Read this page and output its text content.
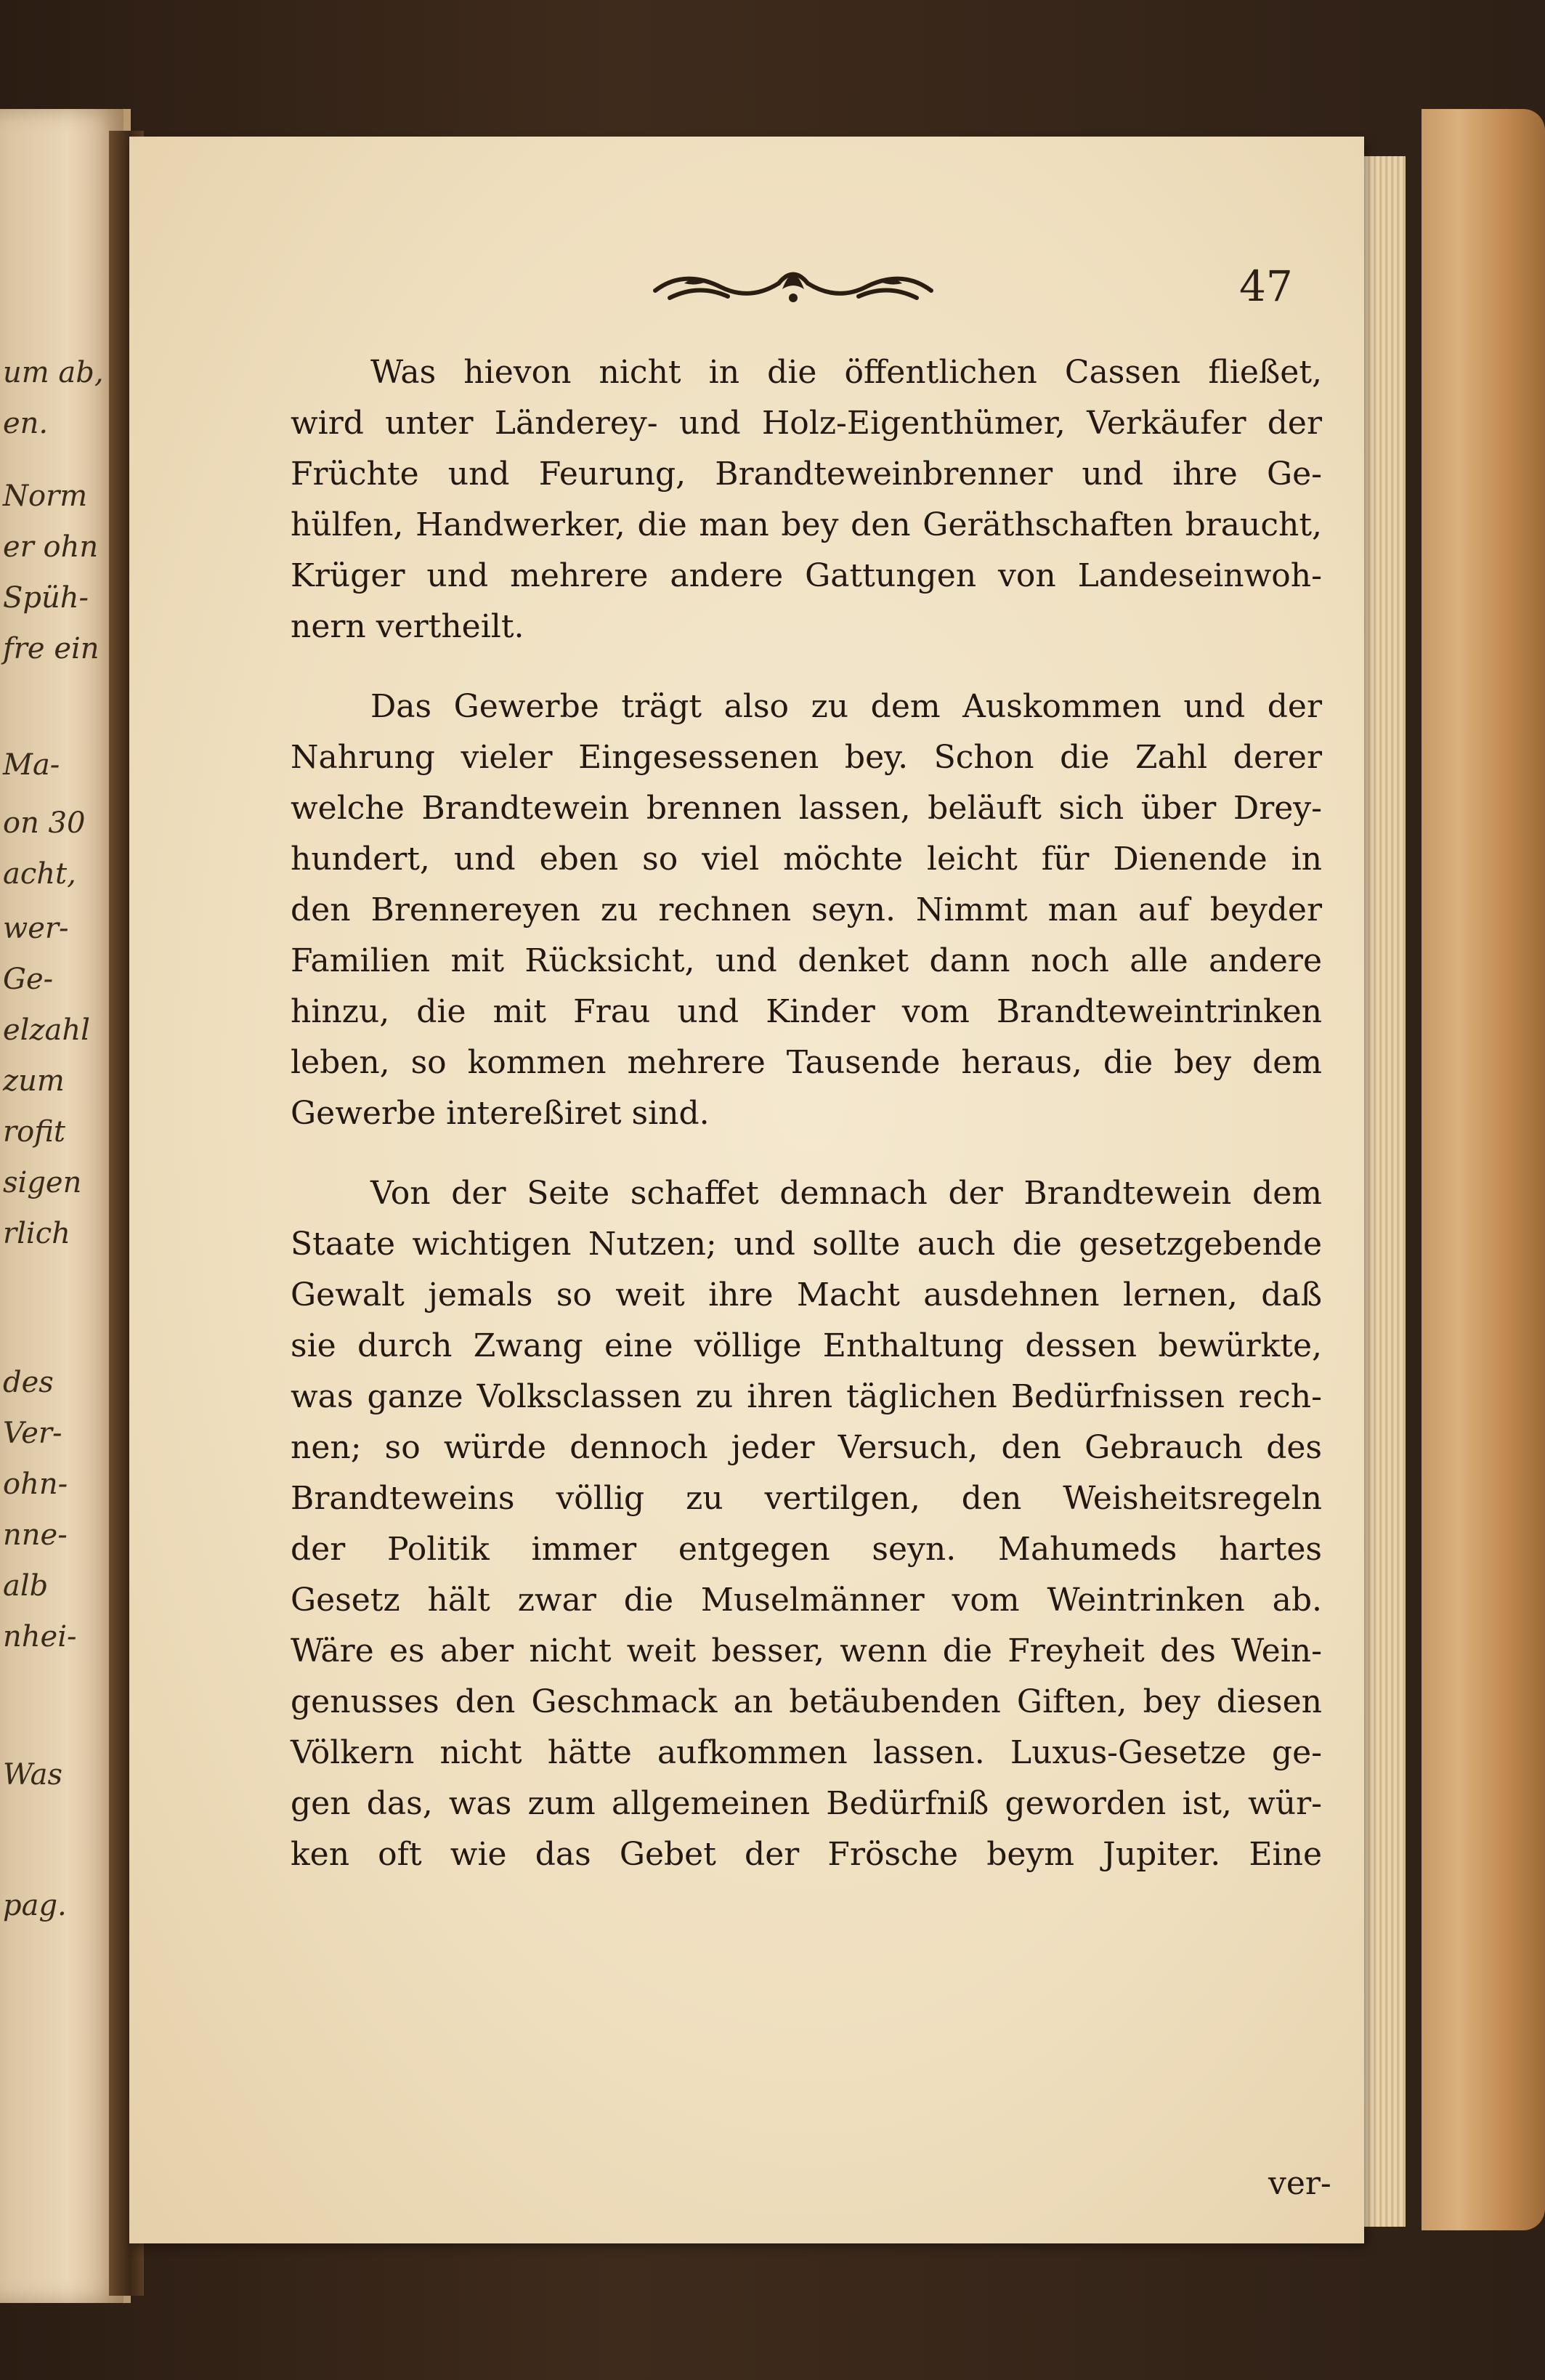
um ab,
en.
Norm
er ohn
Spüh-
fre ein
Ma-
on 30
acht,
wer-
Ge-
elzahl
zum
rofit
sigen
rlich
des
Ver-
ohn-
nne-
alb
nhei-
Was
pag.
47
Was hievon nicht in die öffentlichen Cassen fließet,
wird unter Länderey- und Holz-Eigenthümer, Verkäufer der
Früchte und Feurung, Brandteweinbrenner und ihre Ge-
hülfen, Handwerker, die man bey den Geräthschaften braucht,
Krüger und mehrere andere Gattungen von Landeseinwoh-
nern vertheilt.
Das Gewerbe trägt also zu dem Auskommen und der
Nahrung vieler Eingesessenen bey. Schon die Zahl derer
welche Brandtewein brennen lassen, beläuft sich über Drey-
hundert, und eben so viel möchte leicht für Dienende in
den Brennereyen zu rechnen seyn. Nimmt man auf beyder
Familien mit Rücksicht, und denket dann noch alle andere
hinzu, die mit Frau und Kinder vom Brandteweintrinken
leben, so kommen mehrere Tausende heraus, die bey dem
Gewerbe intereßiret sind.
Von der Seite schaffet demnach der Brandtewein dem
Staate wichtigen Nutzen; und sollte auch die gesetzgebende
Gewalt jemals so weit ihre Macht ausdehnen lernen, daß
sie durch Zwang eine völlige Enthaltung dessen bewürkte,
was ganze Volksclassen zu ihren täglichen Bedürfnissen rech-
nen; so würde dennoch jeder Versuch, den Gebrauch des
Brandteweins völlig zu vertilgen, den Weisheitsregeln
der Politik immer entgegen seyn. Mahumeds hartes
Gesetz hält zwar die Muselmänner vom Weintrinken ab.
Wäre es aber nicht weit besser, wenn die Freyheit des Wein-
genusses den Geschmack an betäubenden Giften, bey diesen
Völkern nicht hätte aufkommen lassen. Luxus-Gesetze ge-
gen das, was zum allgemeinen Bedürfniß geworden ist, wür-
ken oft wie das Gebet der Frösche beym Jupiter. Eine
ver-
